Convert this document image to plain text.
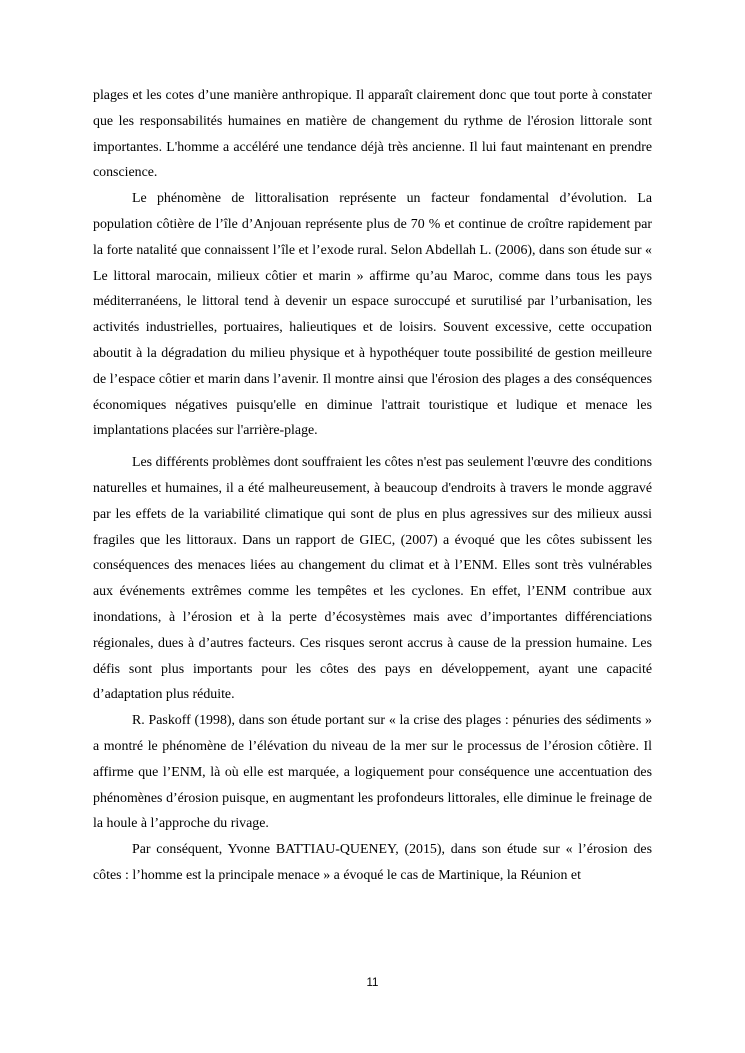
plages et les cotes d’une manière anthropique. Il apparaît clairement donc que tout porte à constater que les responsabilités humaines en matière de changement du rythme de l'érosion littorale sont importantes. L'homme a accéléré une tendance déjà très ancienne. Il lui faut maintenant en prendre conscience.

Le phénomène de littoralisation représente un facteur fondamental d’évolution. La population côtière de l’île d’Anjouan représente plus de 70 % et continue de croître rapidement par la forte natalité que connaissent l’île et l’exode rural. Selon Abdellah L. (2006), dans son étude sur « Le littoral marocain, milieux côtier et marin » affirme qu’au Maroc, comme dans tous les pays méditerranéens, le littoral tend à devenir un espace suroccupé et surutilisé par l’urbanisation, les activités industrielles, portuaires, halieutiques et de loisirs. Souvent excessive, cette occupation aboutit à la dégradation du milieu physique et à hypothéquer toute possibilité de gestion meilleure de l’espace côtier et marin dans l’avenir. Il montre ainsi que l'érosion des plages a des conséquences économiques négatives puisqu'elle en diminue l'attrait touristique et ludique et menace les implantations placées sur l'arrière-plage.

Les différents problèmes dont souffraient les côtes n'est pas seulement l'œuvre des conditions naturelles et humaines, il a été malheureusement, à beaucoup d'endroits à travers le monde aggravé par les effets de la variabilité climatique qui sont de plus en plus agressives sur des milieux aussi fragiles que les littoraux. Dans un rapport de GIEC, (2007) a évoqué que les côtes subissent les conséquences des menaces liées au changement du climat et à l’ENM. Elles sont très vulnérables aux événements extrêmes comme les tempêtes et les cyclones. En effet, l’ENM contribue aux inondations, à l’érosion et à la perte d’écosystèmes mais avec d’importantes différenciations régionales, dues à d’autres facteurs. Ces risques seront accrus à cause de la pression humaine. Les défis sont plus importants pour les côtes des pays en développement, ayant une capacité d’adaptation plus réduite.

R. Paskoff (1998), dans son étude portant sur « la crise des plages : pénuries des sédiments » a montré le phénomène de l’élévation du niveau de la mer sur le processus de l’érosion côtière. Il affirme que l’ENM, là où elle est marquée, a logiquement pour conséquence une accentuation des phénomènes d’érosion puisque, en augmentant les profondeurs littorales, elle diminue le freinage de la houle à l’approche du rivage.

Par conséquent, Yvonne BATTIAU-QUENEY, (2015), dans son étude sur « l’érosion des côtes : l’homme est la principale menace » a évoqué le cas de Martinique, la Réunion et

11
